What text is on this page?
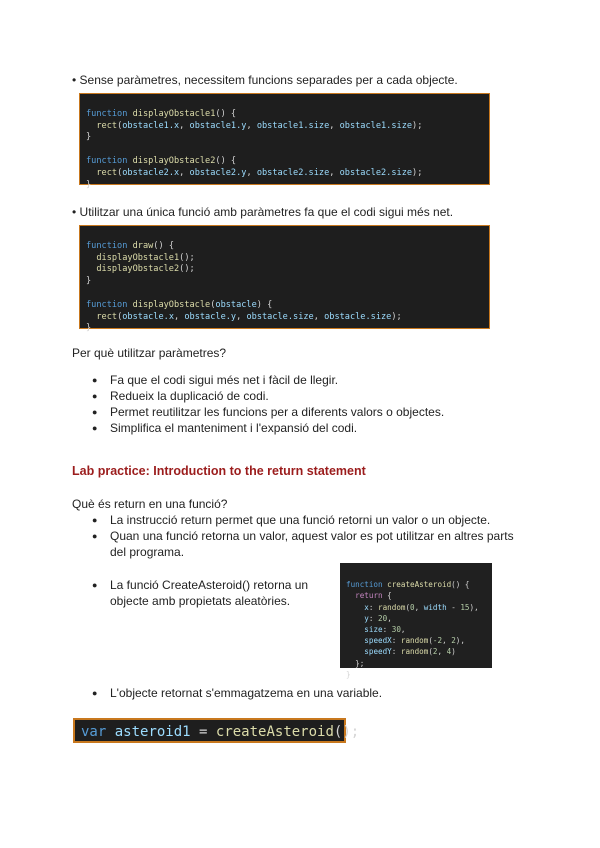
• Sense paràmetres, necessitem funcions separades per a cada objecte.

function displayObstacle1() {
rect(obstacle1.x, obstacle1.y, obstacle1.size, obstacle1.size);
}

function displayObstacle2() {
rect(obstacle2.x, obstacle2.y, obstacle2.size, obstacle2.size);
}
• Utilitzar una única funció amb paràmetres fa que el codi sigui més net.

function draw() {
displayObstacle1();
displayObstacle2();
}

function displayObstacle(obstacle) {
rect(obstacle.x, obstacle.y, obstacle.size, obstacle.size);
}
Per què utilitzar paràmetres?
● Fa que el codi sigui més net i fàcil de llegir.
● Redueix la duplicació de codi.
● Permet reutilitzar les funcions per a diferents valors o objectes.
● Simplifica el manteniment i l'expansió del codi.
Lab practice: Introduction to the return statement
Què és return en una funció?
● La instrucció return permet que una funció retorni un valor o un objecte.
● Quan una funció retorna un valor, aquest valor es pot utilitzar en altres parts del programa.
● La funció CreateAsteroid() retorna un
objecte amb propietats aleatòries.

function createAsteroid() {
return {
x: random(0, width - 15),
y: 20,
size: 30,
speedX: random(-2, 2),
speedY: random(2, 4)
};
}
● L'objecte retornat s'emmagatzema en una variable.
var asteroid1 = createAsteroid();
